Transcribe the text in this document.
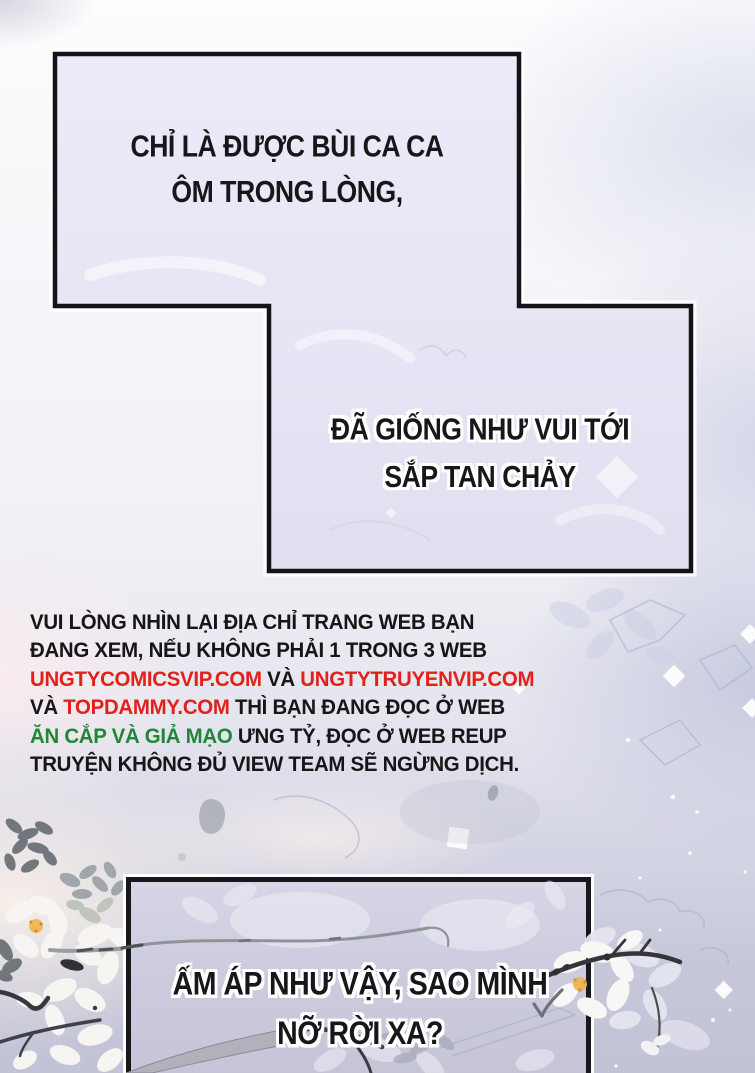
CHỈ LÀ ĐƯỢC BÙI CA CA
ÔM TRONG LÒNG,
ĐÃ GIỐNG NHƯ VUI TỚI
SẮP TAN CHẢY
VUI LÒNG NHÌN LẠI ĐỊA CHỈ TRANG WEB BẠN
ĐANG XEM, NẾU KHÔNG PHẢI 1 TRONG 3 WEB
UNGTYCOMICSVIP.COM VÀ UNGTYTRUYENVIP.COM
VÀ TOPDAMMY.COM THÌ BẠN ĐANG ĐỌC Ở WEB
ĂN CẮP VÀ GIẢ MẠO ƯNG TỶ, ĐỌC Ở WEB REUP
TRUYỆN KHÔNG ĐỦ VIEW TEAM SẼ NGỪNG DỊCH.
ẤM ÁP NHƯ VẬY, SAO MÌNH
NỠ RỜI XA?
